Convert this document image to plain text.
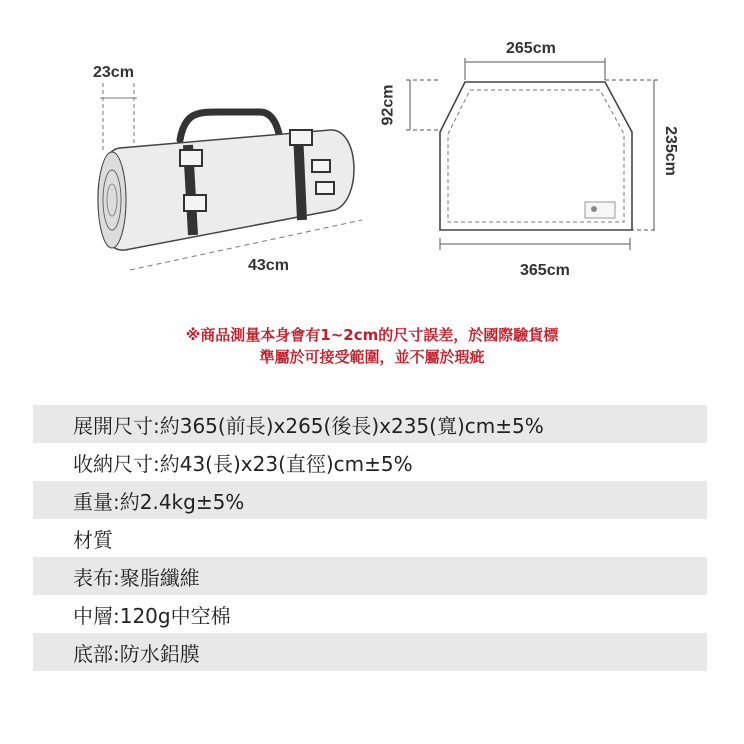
23cm
43cm
265cm
92cm
235cm
365cm
※商品測量本身會有1~2cm的尺寸誤差，於國際驗貨標
準屬於可接受範圍，並不屬於瑕疵
展開尺寸:約365(前長)x265(後長)x235(寬)cm±5%
收納尺寸:約43(長)x23(直徑)cm±5%
重量:約2.4kg±5%
材質
表布:聚脂纖維
中層:120g中空棉
底部:防水鋁膜
